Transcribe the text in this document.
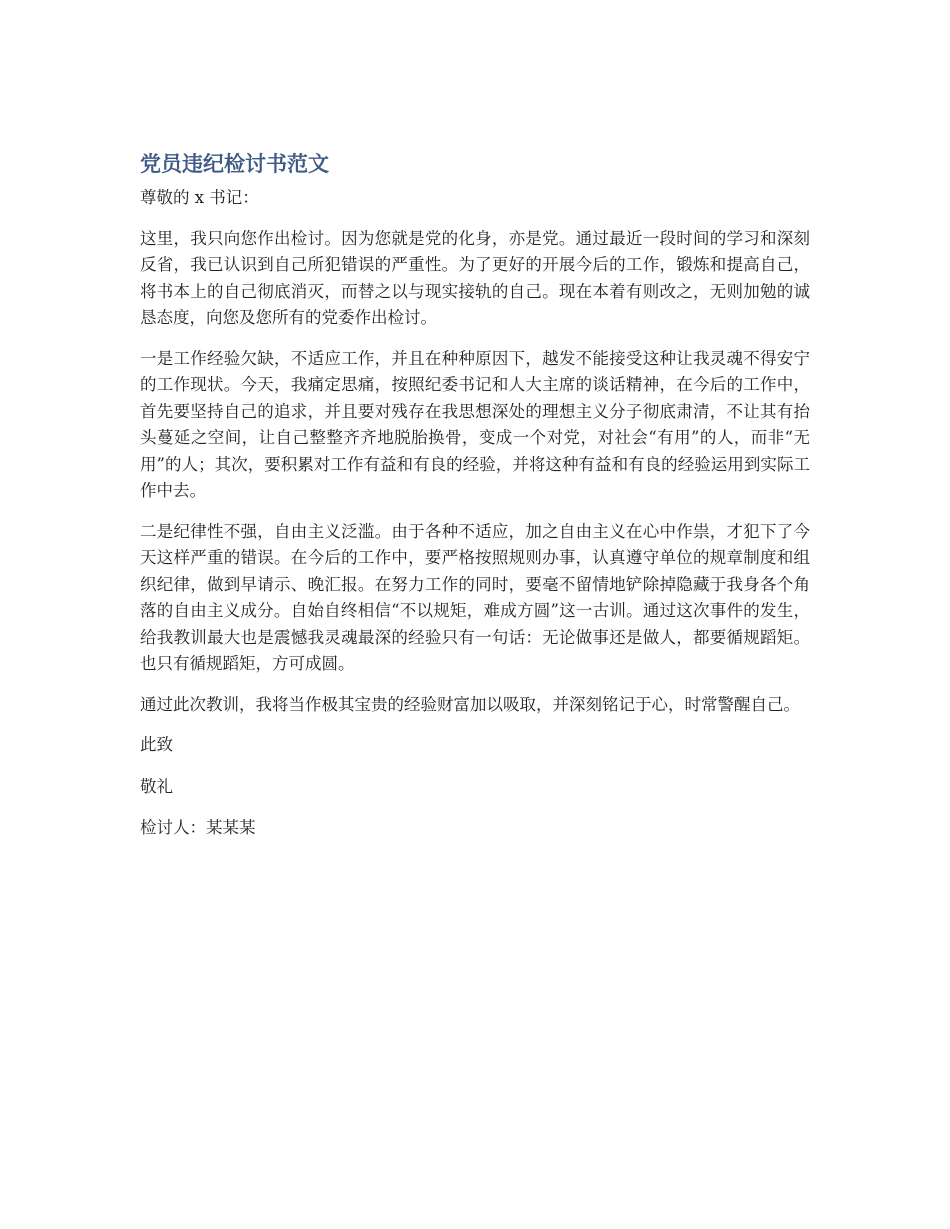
党员违纪检讨书范文

尊敬的 x 书记：

这里，我只向您作出检讨。因为您就是党的化身，亦是党。通过最近一段时间的学习和深刻反省，我已认识到自己所犯错误的严重性。为了更好的开展今后的工作，锻炼和提高自己，将书本上的自己彻底消灭，而替之以与现实接轨的自己。现在本着有则改之，无则加勉的诚恳态度，向您及您所有的党委作出检讨。

一是工作经验欠缺，不适应工作，并且在种种原因下，越发不能接受这种让我灵魂不得安宁的工作现状。今天，我痛定思痛，按照纪委书记和人大主席的谈话精神，在今后的工作中，首先要坚持自己的追求，并且要对残存在我思想深处的理想主义分子彻底肃清，不让其有抬头蔓延之空间，让自己整整齐齐地脱胎换骨，变成一个对党，对社会“有用”的人，而非“无用”的人；其次，要积累对工作有益和有良的经验，并将这种有益和有良的经验运用到实际工作中去。

二是纪律性不强，自由主义泛滥。由于各种不适应，加之自由主义在心中作祟，才犯下了今天这样严重的错误。在今后的工作中，要严格按照规则办事，认真遵守单位的规章制度和组织纪律，做到早请示、晚汇报。在努力工作的同时，要毫不留情地铲除掉隐藏于我身各个角落的自由主义成分。自始自终相信“不以规矩，难成方圆”这一古训。通过这次事件的发生，给我教训最大也是震憾我灵魂最深的经验只有一句话：无论做事还是做人，都要循规蹈矩。也只有循规蹈矩，方可成圆。

通过此次教训，我将当作极其宝贵的经验财富加以吸取，并深刻铭记于心，时常警醒自己。

此致

敬礼

检讨人：某某某
